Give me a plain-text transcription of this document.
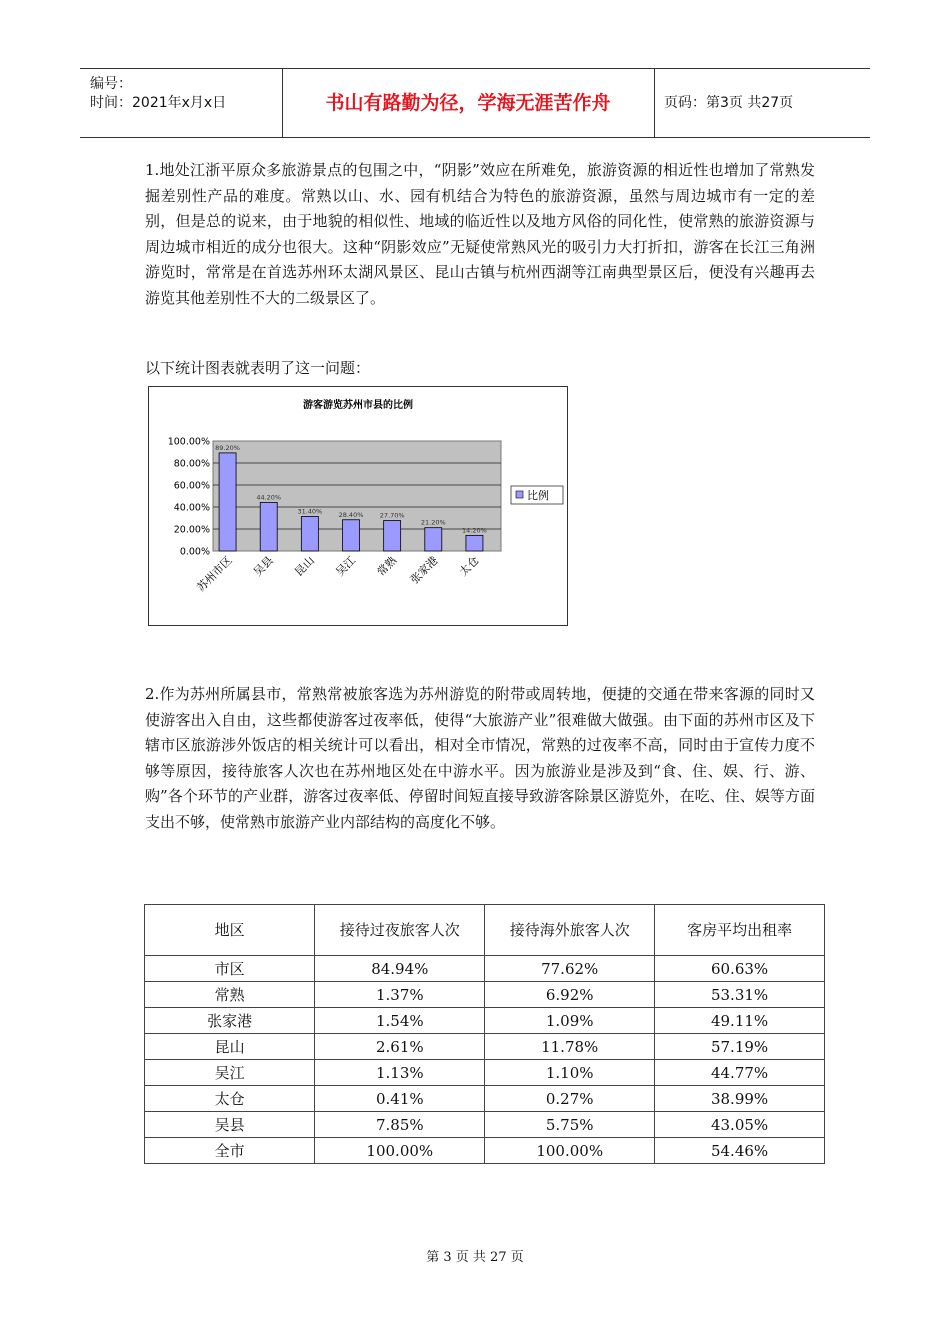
编号：
时间：2021年x月x日	书山有路勤为径，学海无涯苦作舟	页码：第3页 共27页

1.地处江浙平原众多旅游景点的包围之中，“阴影”效应在所难免，旅游资源的相近性也增加了常熟发掘差别性产品的难度。常熟以山、水、园有机结合为特色的旅游资源，虽然与周边城市有一定的差别，但是总的说来，由于地貌的相似性、地域的临近性以及地方风俗的同化性，使常熟的旅游资源与周边城市相近的成分也很大。这种“阴影效应”无疑使常熟风光的吸引力大打折扣，游客在长江三角洲游览时，常常是在首选苏州环太湖风景区、昆山古镇与杭州西湖等江南典型景区后，便没有兴趣再去游览其他差别性不大的二级景区了。

以下统计图表就表明了这一问题：
游客游览苏州市县的比例
100.00%
80.00%
60.00%
40.00%
20.00%
0.00%
89.20%
苏州市区
44.20%
吴县
31.40%
昆山
28.40%
吴江
27.70%
常熟
21.20%
张家港
14.20%
太仓
比例

2.作为苏州所属县市，常熟常被旅客选为苏州游览的附带或周转地，便捷的交通在带来客源的同时又使游客出入自由，这些都使游客过夜率低，使得“大旅游产业”很难做大做强。由下面的苏州市区及下辖市区旅游涉外饭店的相关统计可以看出，相对全市情况，常熟的过夜率不高，同时由于宣传力度不够等原因，接待旅客人次也在苏州地区处在中游水平。因为旅游业是涉及到“食、住、娱、行、游、购”各个环节的产业群，游客过夜率低、停留时间短直接导致游客除景区游览外，在吃、住、娱等方面支出不够，使常熟市旅游产业内部结构的高度化不够。

地区	接待过夜旅客人次	接待海外旅客人次	客房平均出租率
市区	84.94%	77.62%	60.63%
常熟	1.37%	6.92%	53.31%
张家港	1.54%	1.09%	49.11%
昆山	2.61%	11.78%	57.19%
吴江	1.13%	1.10%	44.77%
太仓	0.41%	0.27%	38.99%
吴县	7.85%	5.75%	43.05%
全市	100.00%	100.00%	54.46%
第 3 页 共 27 页
